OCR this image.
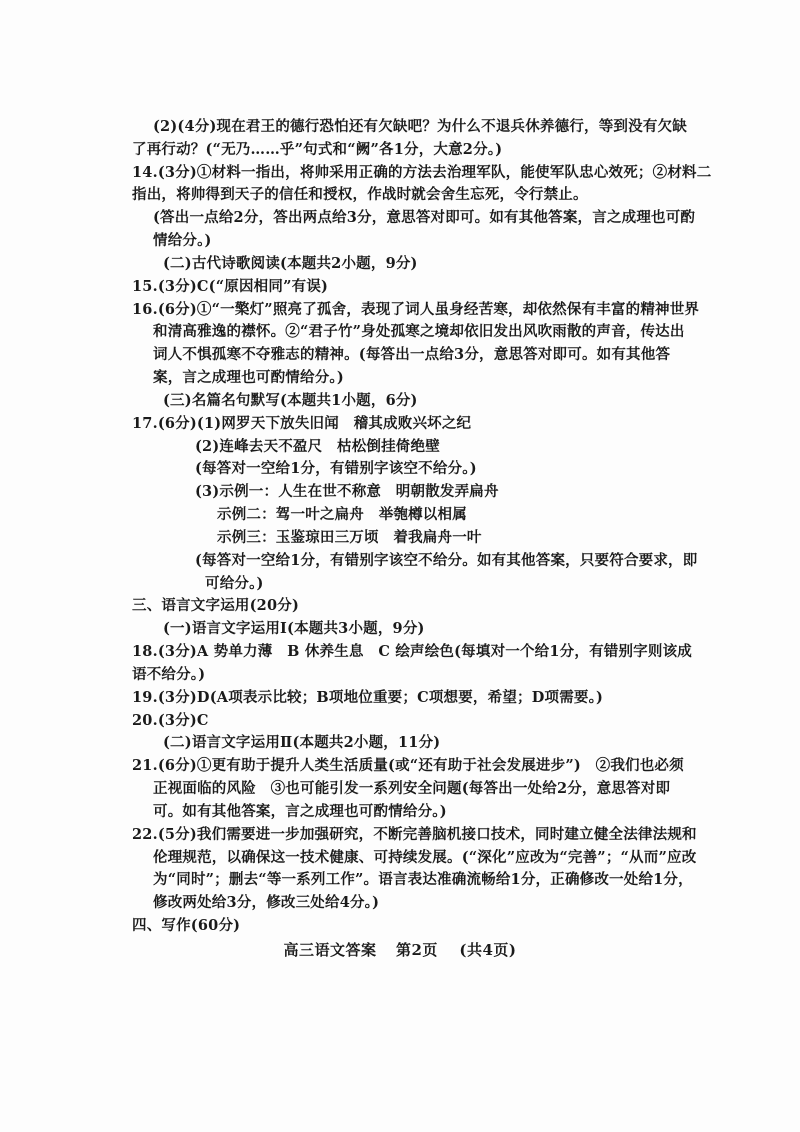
(2)(4分)现在君王的德行恐怕还有欠缺吧？为什么不退兵休养德行，等到没有欠缺
了再行动？(“无乃……乎”句式和“阙”各1分，大意2分。)
14.(3分)①材料一指出，将帅采用正确的方法去治理军队，能使军队忠心效死；②材料二
指出，将帅得到天子的信任和授权，作战时就会舍生忘死，令行禁止。
(答出一点给2分，答出两点给3分，意思答对即可。如有其他答案，言之成理也可酌
情给分。)
(二)古代诗歌阅读(本题共2小题，9分)
15.(3分)C(“原因相同”有误)
16.(6分)①“一檠灯”照亮了孤舍，表现了词人虽身经苦寒，却依然保有丰富的精神世界
和清高雅逸的襟怀。②“君子竹”身处孤寒之境却依旧发出风吹雨散的声音，传达出
词人不惧孤寒不夺雅志的精神。(每答出一点给3分，意思答对即可。如有其他答
案，言之成理也可酌情给分。)
(三)名篇名句默写(本题共1小题，6分)
17.(6分)(1)网罗天下放失旧闻　稽其成败兴坏之纪
(2)连峰去天不盈尺　枯松倒挂倚绝壁
(每答对一空给1分，有错别字该空不给分。)
(3)示例一：人生在世不称意　明朝散发弄扁舟
示例二：驾一叶之扁舟　举匏樽以相属
示例三：玉鉴琼田三万顷　着我扁舟一叶
(每答对一空给1分，有错别字该空不给分。如有其他答案，只要符合要求，即
可给分。)
三、语言文字运用(20分)
(一)语言文字运用Ⅰ(本题共3小题，9分)
18.(3分)A 势单力薄　B 休养生息　C 绘声绘色(每填对一个给1分，有错别字则该成
语不给分。)
19.(3分)D(A项表示比较；B项地位重要；C项想要，希望；D项需要。)
20.(3分)C
(二)语言文字运用Ⅱ(本题共2小题，11分)
21.(6分)①更有助于提升人类生活质量(或“还有助于社会发展进步”)　②我们也必须
正视面临的风险　③也可能引发一系列安全问题(每答出一处给2分，意思答对即
可。如有其他答案，言之成理也可酌情给分。)
22.(5分)我们需要进一步加强研究，不断完善脑机接口技术，同时建立健全法律法规和
伦理规范，以确保这一技术健康、可持续发展。(“深化”应改为“完善”；“从而”应改
为“同时”；删去“等一系列工作”。语言表达准确流畅给1分，正确修改一处给1分，
修改两处给3分，修改三处给4分。)
四、写作(60分)
高三语文答案 第2页 (共4页)
